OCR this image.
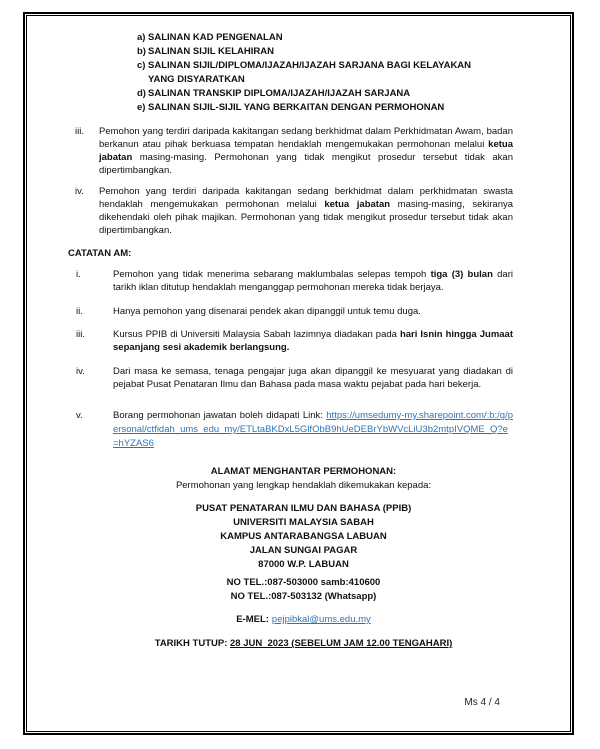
a) SALINAN KAD PENGENALAN
b) SALINAN SIJIL KELAHIRAN
c) SALINAN SIJIL/DIPLOMA/IJAZAH/IJAZAH SARJANA BAGI KELAYAKAN
YANG DISYARATKAN
d) SALINAN TRANSKIP DIPLOMA/IJAZAH/IJAZAH SARJANA
e) SALINAN SIJIL-SIJIL YANG BERKAITAN DENGAN PERMOHONAN
iii.	Pemohon yang terdiri daripada kakitangan sedang berkhidmat dalam Perkhidmatan Awam, badan berkanun atau pihak berkuasa tempatan hendaklah mengemukakan permohonan melalui ketua jabatan masing-masing. Permohonan yang tidak mengikut prosedur tersebut tidak akan dipertimbangkan.
iv.	Pemohon yang terdiri daripada kakitangan sedang berkhidmat dalam perkhidmatan swasta hendaklah mengemukakan permohonan melalui ketua jabatan masing-masing, sekiranya dikehendaki oleh pihak majikan. Permohonan yang tidak mengikut prosedur tersebut tidak akan dipertimbangkan.
CATATAN AM:
i.	Pemohon yang tidak menerima sebarang maklumbalas selepas tempoh tiga (3) bulan dari tarikh iklan ditutup hendaklah menganggap permohonan mereka tidak berjaya.
ii.	Hanya pemohon yang disenarai pendek akan dipanggil untuk temu duga.
iii.	Kursus PPIB di Universiti Malaysia Sabah lazimnya diadakan pada hari Isnin hingga Jumaat sepanjang sesi akademik berlangsung.
iv.	Dari masa ke semasa, tenaga pengajar juga akan dipanggil ke mesyuarat yang diadakan di pejabat Pusat Penataran Ilmu dan Bahasa pada masa waktu pejabat pada hari bekerja.
v.	Borang permohonan jawatan boleh didapati Link: https://umsedumy-my.sharepoint.com/:b:/g/personal/ctfidah_ums_edu_my/ETLtaBKDxL5GlfObB9hUeDEBrYbWVcLiU3b2mtpIVQME_Q?e=hYZAS6
ALAMAT MENGHANTAR PERMOHONAN:
Permohonan yang lengkap hendaklah dikemukakan kepada:
PUSAT PENATARAN ILMU DAN BAHASA (PPIB)
UNIVERSITI MALAYSIA SABAH
KAMPUS ANTARABANGSA LABUAN
JALAN SUNGAI PAGAR
87000 W.P. LABUAN
NO TEL.:087-503000 samb:410600
NO TEL.:087-503132 (Whatsapp)
E-MEL: pejpibkal@ums.edu.my
TARIKH TUTUP: 28 JUN  2023 (SEBELUM JAM 12.00 TENGAHARI)
Ms 4 / 4
